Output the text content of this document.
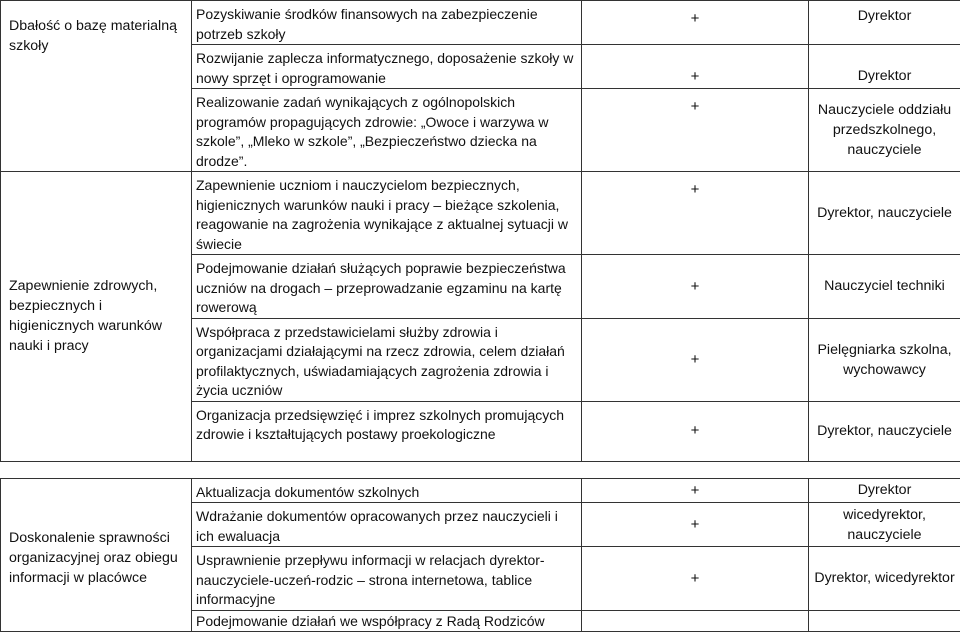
Dbałość o bazę materialną szkoły	Pozyskiwanie środków finansowych na zabezpieczenie potrzeb szkoły	+	Dyrektor
	Rozwijanie zaplecza informatycznego, doposażenie szkoły w nowy sprzęt i oprogramowanie	+	Dyrektor
	Realizowanie zadań wynikających z ogólnopolskich programów propagujących zdrowie: „Owoce i warzywa w szkole”, „Mleko w szkole”, „Bezpieczeństwo dziecka na drodze”.	+	Nauczyciele oddziału przedszkolnego, nauczyciele
Zapewnienie zdrowych, bezpiecznych i higienicznych warunków nauki i pracy	Zapewnienie uczniom i nauczycielom bezpiecznych, higienicznych warunków nauki i pracy – bieżące szkolenia, reagowanie na zagrożenia wynikające z aktualnej sytuacji w świecie	+	Dyrektor, nauczyciele
	Podejmowanie działań służących poprawie bezpieczeństwa uczniów na drogach – przeprowadzanie egzaminu na kartę rowerową	+	Nauczyciel techniki
	Współpraca z przedstawicielami służby zdrowia i organizacjami działającymi na rzecz zdrowia, celem działań profilaktycznych, uświadamiających zagrożenia zdrowia i życia uczniów	+	Pielęgniarka szkolna, wychowawcy
	Organizacja przedsięwzięć i imprez szkolnych promujących zdrowie i kształtujących postawy proekologiczne	+	Dyrektor, nauczyciele

Doskonalenie sprawności organizacyjnej oraz obiegu informacji w placówce	Aktualizacja dokumentów szkolnych	+	Dyrektor
	Wdrażanie dokumentów opracowanych przez nauczycieli i ich ewaluacja	+	wicedyrektor, nauczyciele
	Usprawnienie przepływu informacji w relacjach dyrektor-nauczyciele-uczeń-rodzic – strona internetowa, tablice informacyjne	+	Dyrektor, wicedyrektor
	Podejmowanie działań we współpracy z Radą Rodziców		
